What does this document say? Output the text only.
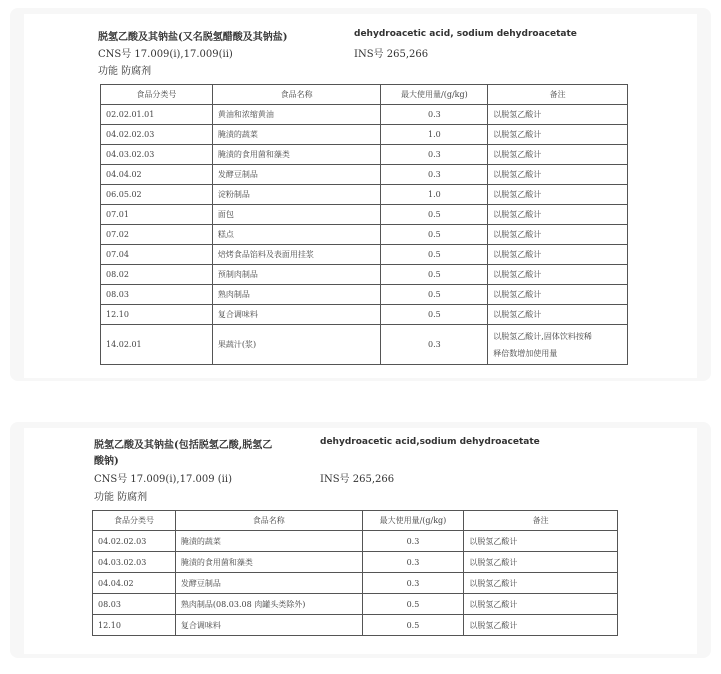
脱氢乙酸及其钠盐(又名脱氢醋酸及其钠盐)	dehydroacetic acid, sodium dehydroacetate
CNS号 17.009(i),17.009(ii)	INS号 265,266
功能 防腐剂
食品分类号	食品名称	最大使用量/(g/kg)	备注
02.02.01.01	黄油和浓缩黄油	0.3	以脱氢乙酸计
04.02.02.03	腌渍的蔬菜	1.0	以脱氢乙酸计
04.03.02.03	腌渍的食用菌和藻类	0.3	以脱氢乙酸计
04.04.02	发酵豆制品	0.3	以脱氢乙酸计
06.05.02	淀粉制品	1.0	以脱氢乙酸计
07.01	面包	0.5	以脱氢乙酸计
07.02	糕点	0.5	以脱氢乙酸计
07.04	焙烤食品馅料及表面用挂浆	0.5	以脱氢乙酸计
08.02	预制肉制品	0.5	以脱氢乙酸计
08.03	熟肉制品	0.5	以脱氢乙酸计
12.10	复合调味料	0.5	以脱氢乙酸计
14.02.01	果蔬汁(浆)	0.3	以脱氢乙酸计,固体饮料按稀
释倍数增加使用量
脱氢乙酸及其钠盐(包括脱氢乙酸,脱氢乙	dehydroacetic acid,sodium dehydroacetate
酸钠)
CNS号 17.009(i),17.009 (ii)	INS号 265,266
功能 防腐剂
食品分类号	食品名称	最大使用量/(g/kg)	备注
04.02.02.03	腌渍的蔬菜	0.3	以脱氢乙酸计
04.03.02.03	腌渍的食用菌和藻类	0.3	以脱氢乙酸计
04.04.02	发酵豆制品	0.3	以脱氢乙酸计
08.03	熟肉制品(08.03.08 肉罐头类除外)	0.5	以脱氢乙酸计
12.10	复合调味料	0.5	以脱氢乙酸计
